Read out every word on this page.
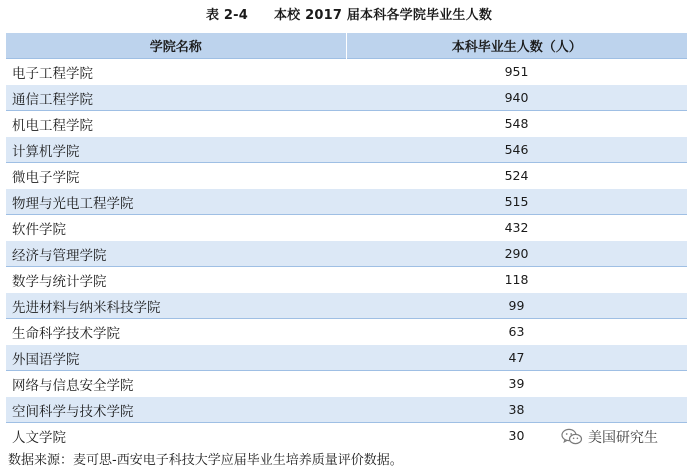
表 2-4 本校 2017 届本科各学院毕业生人数
学院名称	本科毕业生人数（人）
电子工程学院	951
通信工程学院	940
机电工程学院	548
计算机学院	546
微电子学院	524
物理与光电工程学院	515
软件学院	432
经济与管理学院	290
数学与统计学院	118
先进材料与纳米科技学院	99
生命科学技术学院	63
外国语学院	47
网络与信息安全学院	39
空间科学与技术学院	38
人文学院	30
数据来源：麦可思-西安电子科技大学应届毕业生培养质量评价数据。
美国研究生
